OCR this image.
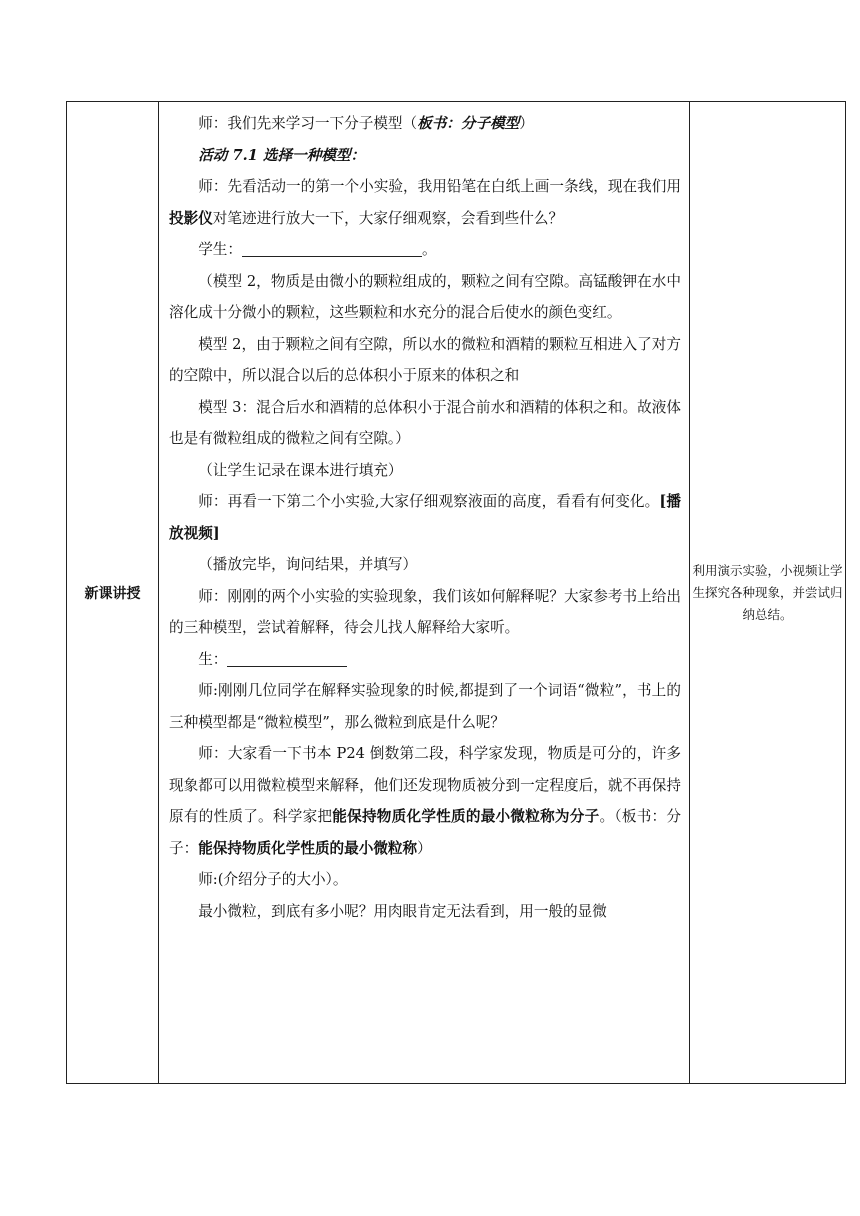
新课讲授	

师：我们先来学习一下分子模型（板书：分子模型）

活动 7.1 选择一种模型：

师：先看活动一的第一个小实验，我用铅笔在白纸上画一条线，现在我们用投影仪对笔迹进行放大一下，大家仔细观察，会看到些什么？

学生：	。

（模型 2，物质是由微小的颗粒组成的，颗粒之间有空隙。高锰酸钾在水中溶化成十分微小的颗粒，这些颗粒和水充分的混合后使水的颜色变红。

模型 2，由于颗粒之间有空隙，所以水的微粒和酒精的颗粒互相进入了对方的空隙中，所以混合以后的总体积小于原来的体积之和

模型 3：混合后水和酒精的总体积小于混合前水和酒精的体积之和。故液体也是有微粒组成的微粒之间有空隙。）

（让学生记录在课本进行填充）

师：再看一下第二个小实验,大家仔细观察液面的高度，看看有何变化。[播放视频]

（播放完毕，询问结果，并填写）

师：刚刚的两个小实验的实验现象，我们该如何解释呢？大家参考书上给出的三种模型，尝试着解释，待会儿找人解释给大家听。

生：

师:刚刚几位同学在解释实验现象的时候,都提到了一个词语“微粒”，书上的三种模型都是“微粒模型”，那么微粒到底是什么呢？

师：大家看一下书本 P24 倒数第二段，科学家发现，物质是可分的，许多现象都可以用微粒模型来解释，他们还发现物质被分到一定程度后，就不再保持原有的性质了。科学家把能保持物质化学性质的最小微粒称为分子。（板书：分子：能保持物质化学性质的最小微粒称）

师:(介绍分子的大小）。

最小微粒，到底有多小呢？用肉眼肯定无法看到，用一般的显微

	利用演示实验，小视频让学生探究各种现象，并尝试归纳总结。
